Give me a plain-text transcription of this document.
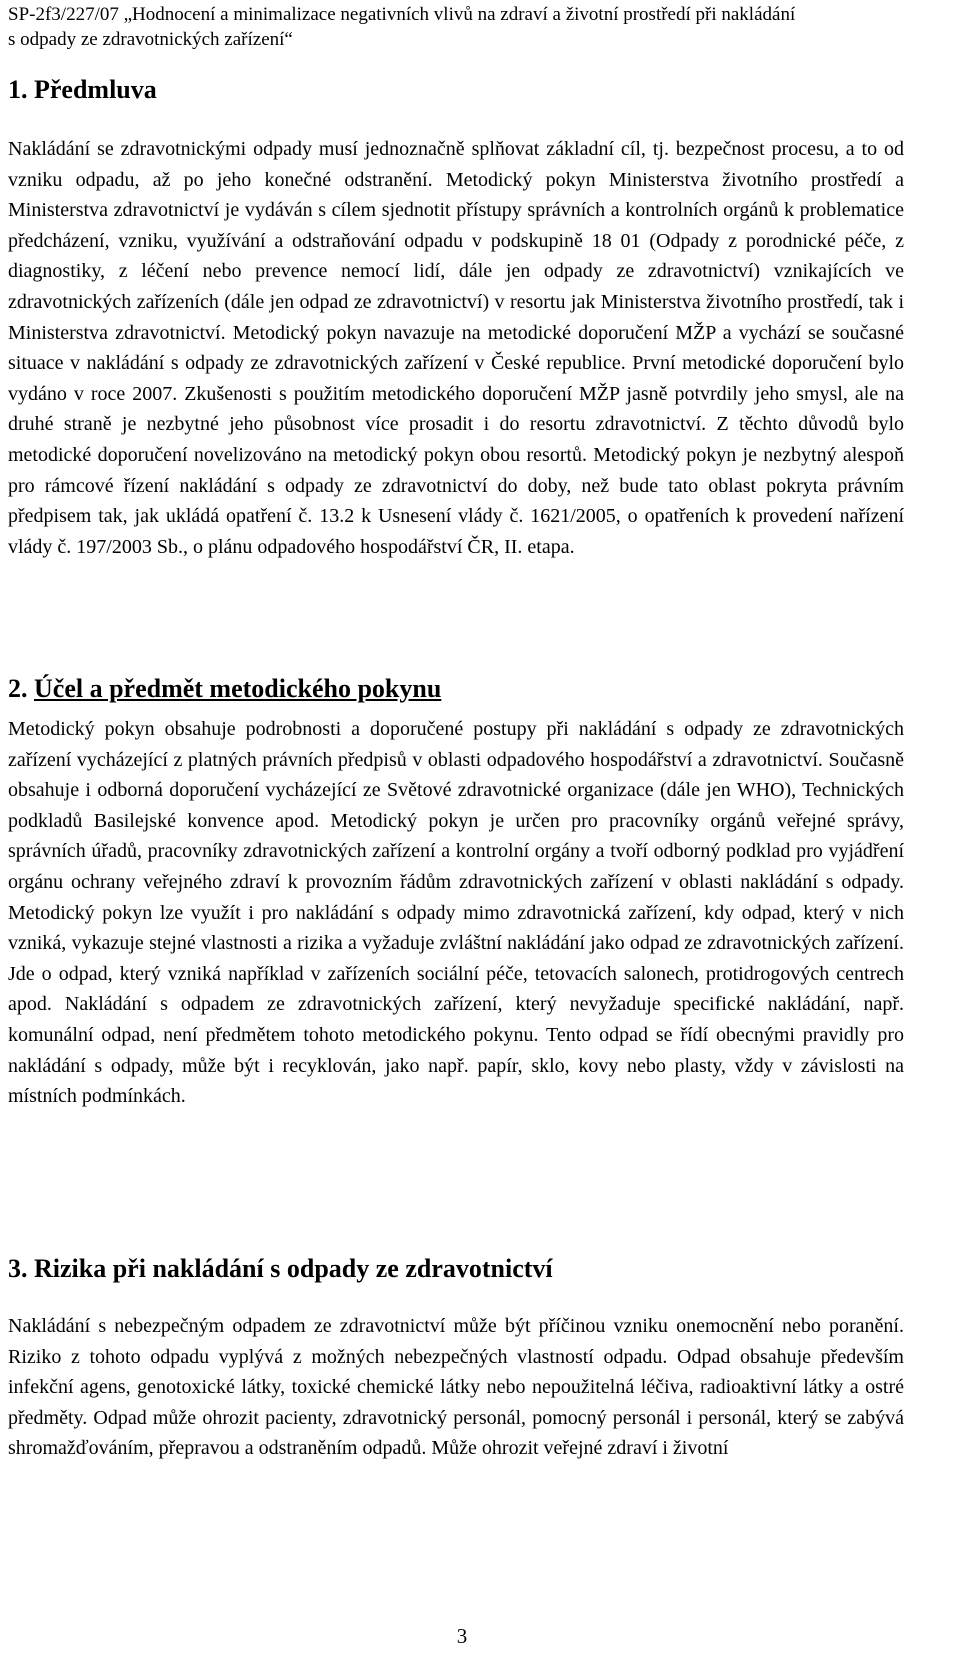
SP-2f3/227/07 „Hodnocení a minimalizace negativních vlivů na zdraví a životní prostředí při nakládání
s odpady ze zdravotnických zařízení“
1. Předmluva

Nakládání se zdravotnickými odpady musí jednoznačně splňovat základní cíl, tj. bezpečnost procesu, a to od vzniku odpadu, až po jeho konečné odstranění. Metodický pokyn Ministerstva životního prostředí a Ministerstva zdravotnictví je vydáván s cílem sjednotit přístupy správních a kontrolních orgánů k problematice předcházení, vzniku, využívání a odstraňování odpadu v podskupině 18 01 (Odpady z porodnické péče, z diagnostiky, z léčení nebo prevence nemocí lidí, dále jen odpady ze zdravotnictví) vznikajících ve zdravotnických zařízeních (dále jen odpad ze zdravotnictví) v resortu jak Ministerstva životního prostředí, tak i Ministerstva zdravotnictví. Metodický pokyn navazuje na metodické doporučení MŽP a vychází se současné situace v nakládání s odpady ze zdravotnických zařízení v České republice. První metodické doporučení bylo vydáno v roce 2007. Zkušenosti s použitím metodického doporučení MŽP jasně potvrdily jeho smysl, ale na druhé straně je nezbytné jeho působnost více prosadit i do resortu zdravotnictví. Z těchto důvodů bylo metodické doporučení novelizováno na metodický pokyn obou resortů. Metodický pokyn je nezbytný alespoň pro rámcové řízení nakládání s odpady ze zdravotnictví do doby, než bude tato oblast pokryta právním předpisem tak, jak ukládá opatření č. 13.2 k Usnesení vlády č. 1621/2005, o opatřeních k provedení nařízení vlády č. 197/2003 Sb., o plánu odpadového hospodářství ČR, II. etapa.

2. Účel a předmět metodického pokynu

Metodický pokyn obsahuje podrobnosti a doporučené postupy při nakládání s odpady ze zdravotnických zařízení vycházející z platných právních předpisů v oblasti odpadového hospodářství a zdravotnictví. Současně obsahuje i odborná doporučení vycházející ze Světové zdravotnické organizace (dále jen WHO), Technických podkladů Basilejské konvence apod. Metodický pokyn je určen pro pracovníky orgánů veřejné správy, správních úřadů, pracovníky zdravotnických zařízení a kontrolní orgány a tvoří odborný podklad pro vyjádření orgánu ochrany veřejného zdraví k provozním řádům zdravotnických zařízení v oblasti nakládání s odpady. Metodický pokyn lze využít i pro nakládání s odpady mimo zdravotnická zařízení, kdy odpad, který v nich vzniká, vykazuje stejné vlastnosti a rizika a vyžaduje zvláštní nakládání jako odpad ze zdravotnických zařízení. Jde o odpad, který vzniká například v zařízeních sociální péče, tetovacích salonech, protidrogových centrech apod. Nakládání s odpadem ze zdravotnických zařízení, který nevyžaduje specifické nakládání, např. komunální odpad, není předmětem tohoto metodického pokynu. Tento odpad se řídí obecnými pravidly pro nakládání s odpady, může být i recyklován, jako např. papír, sklo, kovy nebo plasty, vždy v závislosti na místních podmínkách.

3. Rizika při nakládání s odpady ze zdravotnictví

Nakládání s nebezpečným odpadem ze zdravotnictví může být příčinou vzniku onemocnění nebo poranění. Riziko z tohoto odpadu vyplývá z možných nebezpečných vlastností odpadu. Odpad obsahuje především infekční agens, genotoxické látky, toxické chemické látky nebo nepoužitelná léčiva, radioaktivní látky a ostré předměty. Odpad může ohrozit pacienty, zdravotnický personál, pomocný personál i personál, který se zabývá shromažďováním, přepravou a odstraněním odpadů. Může ohrozit veřejné zdraví i životní

3
